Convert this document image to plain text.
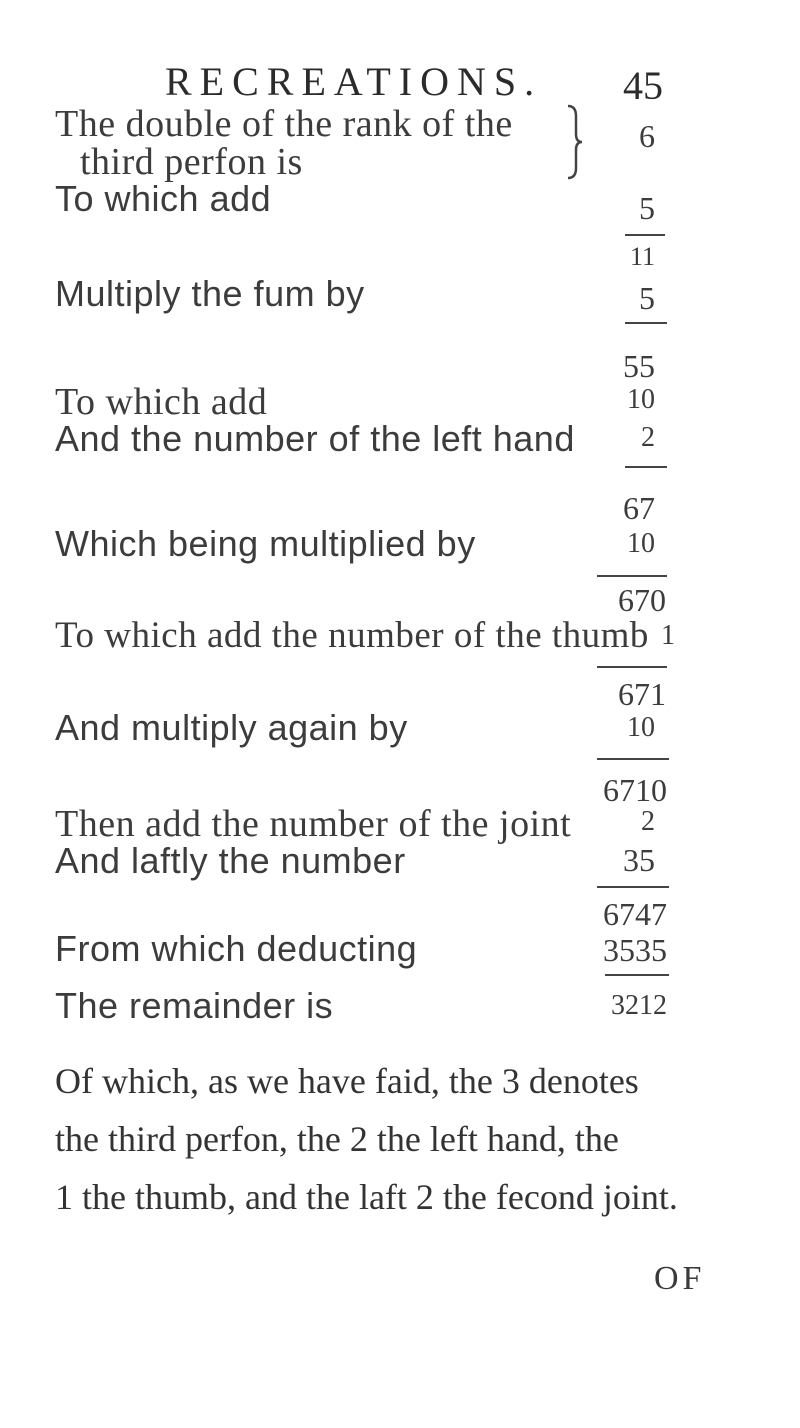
RECREATIONS. 45
The double of the rank of the
third perfon is
6
To which add	5
11
Multiply the fum by	5
55
To which add	10
And the number of the left hand	2
67
Which being multiplied by	10
670
To which add the number of the thumb 1
671
And multiply again by	10
6710
Then add the number of the joint	2
And laftly the number	35
6747
From which deducting	3535
The remainder is	3212
Of which, as we have faid, the 3 denotes
the third perfon, the 2 the left hand, the
1 the thumb, and the laft 2 the fecond joint.
OF
